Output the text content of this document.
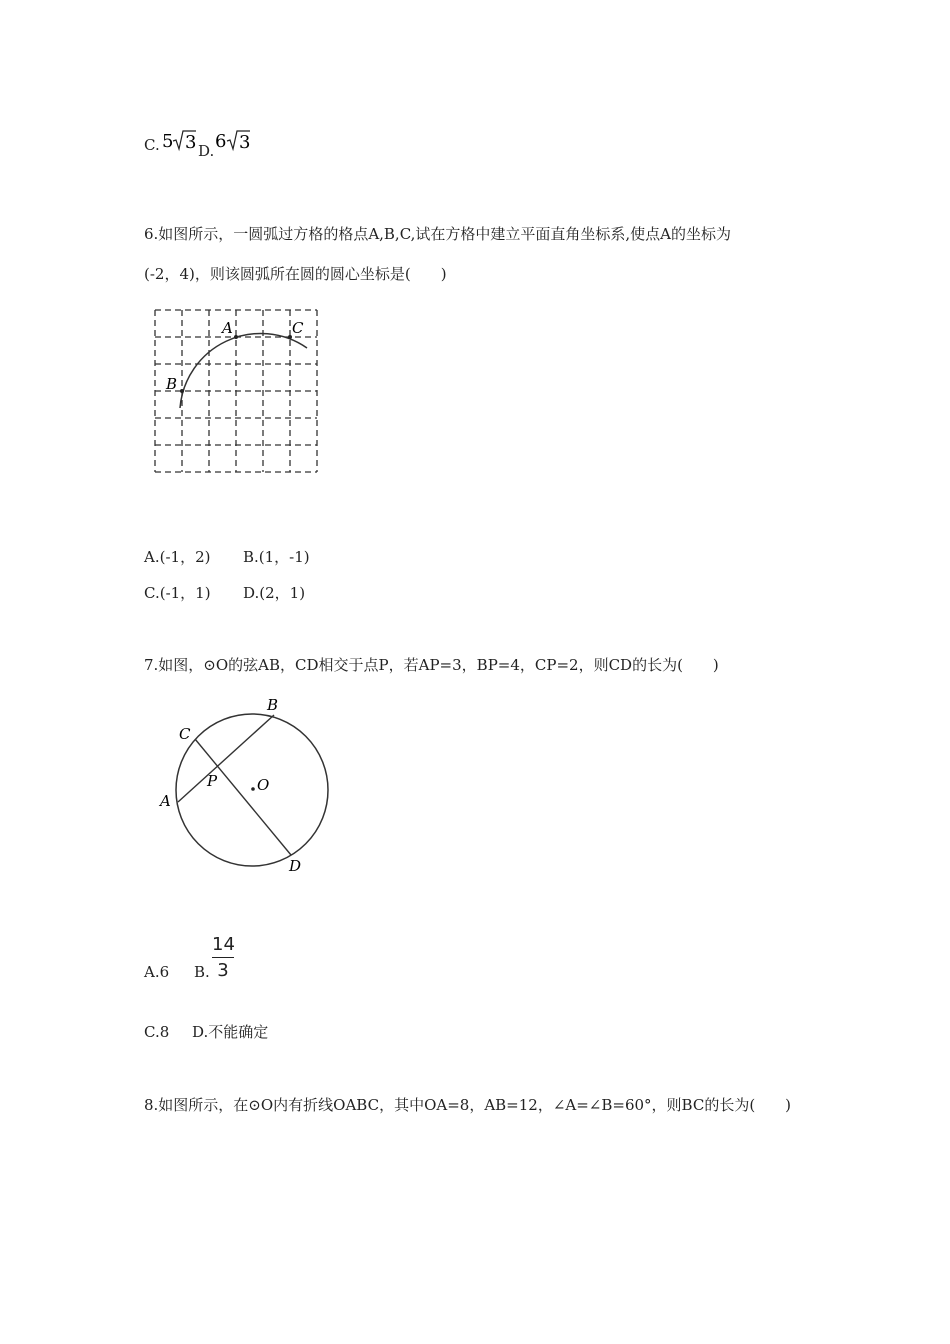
C. 5 3 D. 6 3
6.如图所示，一圆弧过方格的格点A,B,C,试在方格中建立平面直角坐标系,使点A的坐标为
(-2，4)，则该圆弧所在圆的圆心坐标是(　　)
A
B
C
A.(-1，2) B.(1，-1)
C.(-1，1) D.(2，1)
7.如图，⊙O的弦AB，CD相交于点P，若AP=3，BP=4，CP=2，则CD的长为(　　)
B
C
P	O
A
D
A.6 B.
14
3
C.8 D.不能确定
8.如图所示，在⊙O内有折线OABC，其中OA=8，AB=12，∠A=∠B=60°，则BC的长为(　　)
